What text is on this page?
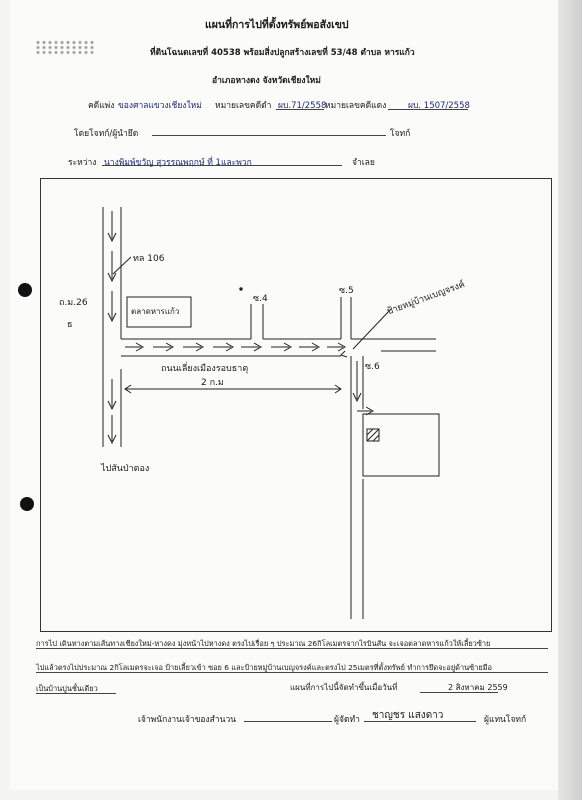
แผนที่การไปที่ตั้งทรัพย์พอสังเขป
ที่ดินโฉนดเลขที่ 40538 พร้อมสิ่งปลูกสร้างเลขที่ 53/48 ตำบล หารแก้ว
อำเภอหางดง จังหวัดเชียงใหม่
คดีแพ่ง ของศาลแขวงเชียงใหม่ หมายเลขคดีดำ ผบ.71/2558
หมายเลขคดีแดง	ผบ. 1507/2558
โดยโจทก์/ผู้นำยึด	โจทก์
ระหว่าง นางพิมพ์ขวัญ สุวรรณพฤกษ์ ที่ 1และพวก	จำเลย
ทล 106
ถ.ม.26
ธ
ตลาดหารแก้ว
ถนนเลี่ยงเมืองรอบธาตุ
2 ก.ม
ซ.4
ซ.5
ซ.6
ป้ายหมู่บ้านเบญจรงค์
ไปสันป่าตอง
การไป เดินทางตามเส้นทางเชียงใหม่-หางดง มุ่งหน้าไปหางดง ตรงไปเรื่อย ๆ ประมาณ 26กิโลเมตรจากไรบินสัน จะเจอตลาดหารแก้วให้เลี้ยวซ้าย
ไปแล้วตรงไปประมาณ 2กิโลเมตรจะเจอ ป้ายเลี้ยวเข้า ซอย 6 และป้ายหมู่บ้านเบญจรงค์และตรงไป 25เมตรที่ตั้งทรัพย์ ทำการยึดจะอยู่ด้านซ้ายมือ
เป็นบ้านปูนชั้นเดียว	แผนที่การไปนี้จัดทำขึ้นเมื่อวันที่	2 สิงหาคม 2559
เจ้าพนักงานเจ้าของสำนวน	ผู้จัดทำ ชาญชร แสงดาว	ผู้แทนโจทก์
